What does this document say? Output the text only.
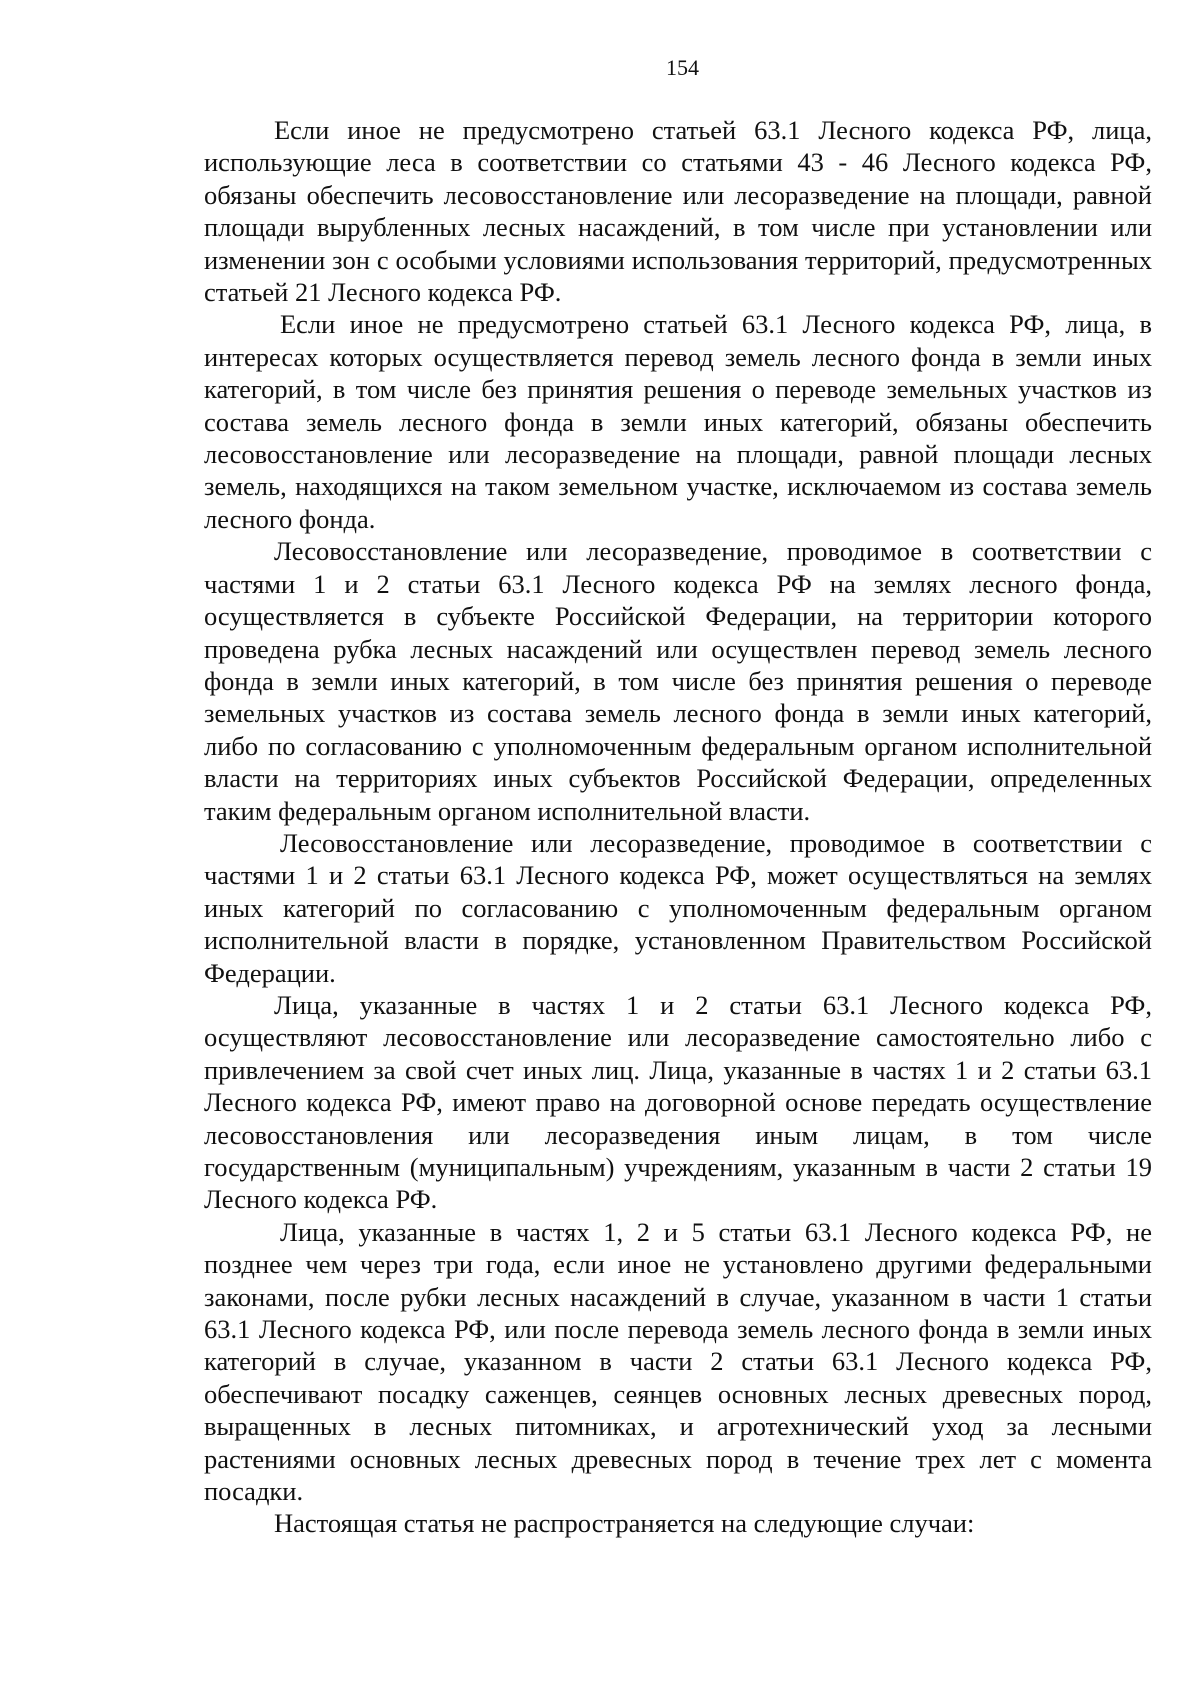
154

Если иное не предусмотрено статьей 63.1 Лесного кодекса РФ, лица, использующие леса в соответствии со статьями 43 - 46 Лесного кодекса РФ, обязаны обеспечить лесовосстановление или лесоразведение на площади, равной площади вырубленных лесных насаждений, в том числе при установлении или изменении зон с особыми условиями использования территорий, предусмотренных статьей 21 Лесного кодекса РФ.

Если иное не предусмотрено статьей 63.1 Лесного кодекса РФ, лица, в интересах которых осуществляется перевод земель лесного фонда в земли иных категорий, в том числе без принятия решения о переводе земельных участков из состава земель лесного фонда в земли иных категорий, обязаны обеспечить лесовосстановление или лесоразведение на площади, равной площади лесных земель, находящихся на таком земельном участке, исключаемом из состава земель лесного фонда.

Лесовосстановление или лесоразведение, проводимое в соответствии с частями 1 и 2 статьи 63.1 Лесного кодекса РФ на землях лесного фонда, осуществляется в субъекте Российской Федерации, на территории которого проведена рубка лесных насаждений или осуществлен перевод земель лесного фонда в земли иных категорий, в том числе без принятия решения о переводе земельных участков из состава земель лесного фонда в земли иных категорий, либо по согласованию с уполномоченным федеральным органом исполнительной власти на территориях иных субъектов Российской Федерации, определенных таким федеральным органом исполнительной власти.

Лесовосстановление или лесоразведение, проводимое в соответствии с частями 1 и 2 статьи 63.1 Лесного кодекса РФ, может осуществляться на землях иных категорий по согласованию с уполномоченным федеральным органом исполнительной власти в порядке, установленном Правительством Российской Федерации.

Лица, указанные в частях 1 и 2 статьи 63.1 Лесного кодекса РФ, осуществляют лесовосстановление или лесоразведение самостоятельно либо с привлечением за свой счет иных лиц. Лица, указанные в частях 1 и 2 статьи 63.1 Лесного кодекса РФ, имеют право на договорной основе передать осуществление лесовосстановления или лесоразведения иным лицам, в том числе государственным (муниципальным) учреждениям, указанным в части 2 статьи 19 Лесного кодекса РФ.

Лица, указанные в частях 1, 2 и 5 статьи 63.1 Лесного кодекса РФ, не позднее чем через три года, если иное не установлено другими федеральными законами, после рубки лесных насаждений в случае, указанном в части 1 статьи 63.1 Лесного кодекса РФ, или после перевода земель лесного фонда в земли иных категорий в случае, указанном в части 2 статьи 63.1 Лесного кодекса РФ, обеспечивают посадку саженцев, сеянцев основных лесных древесных пород, выращенных в лесных питомниках, и агротехнический уход за лесными растениями основных лесных древесных пород в течение трех лет с момента посадки.

Настоящая статья не распространяется на следующие случаи:
